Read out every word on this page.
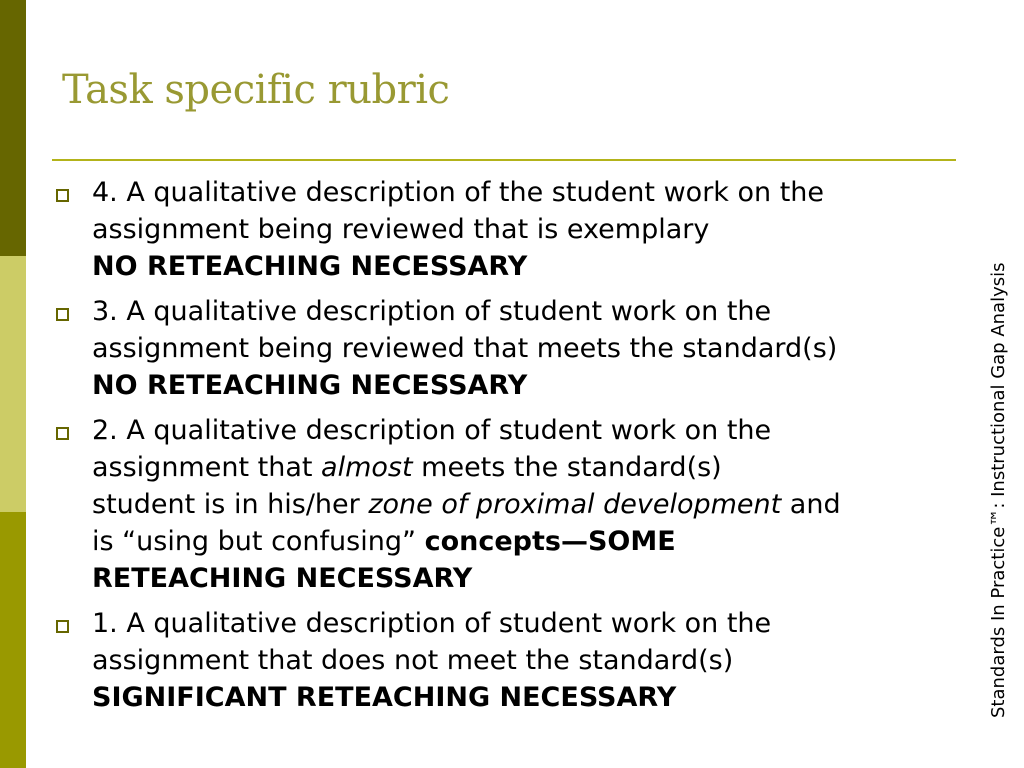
Task specific rubric
Standards In Practice™: Instructional Gap Analysis
4. A qualitative description of the student work on the
assignment being reviewed that is exemplary
NO RETEACHING NECESSARY
3. A qualitative description of student work on the
assignment being reviewed that meets the standard(s)
NO RETEACHING NECESSARY
2. A qualitative description of student work on the
assignment that almost meets the standard(s)
student is in his/her zone of proximal development and
is “using but confusing” concepts—SOME
RETEACHING NECESSARY
1. A qualitative description of student work on the
assignment that does not meet the standard(s)
SIGNIFICANT RETEACHING NECESSARY
